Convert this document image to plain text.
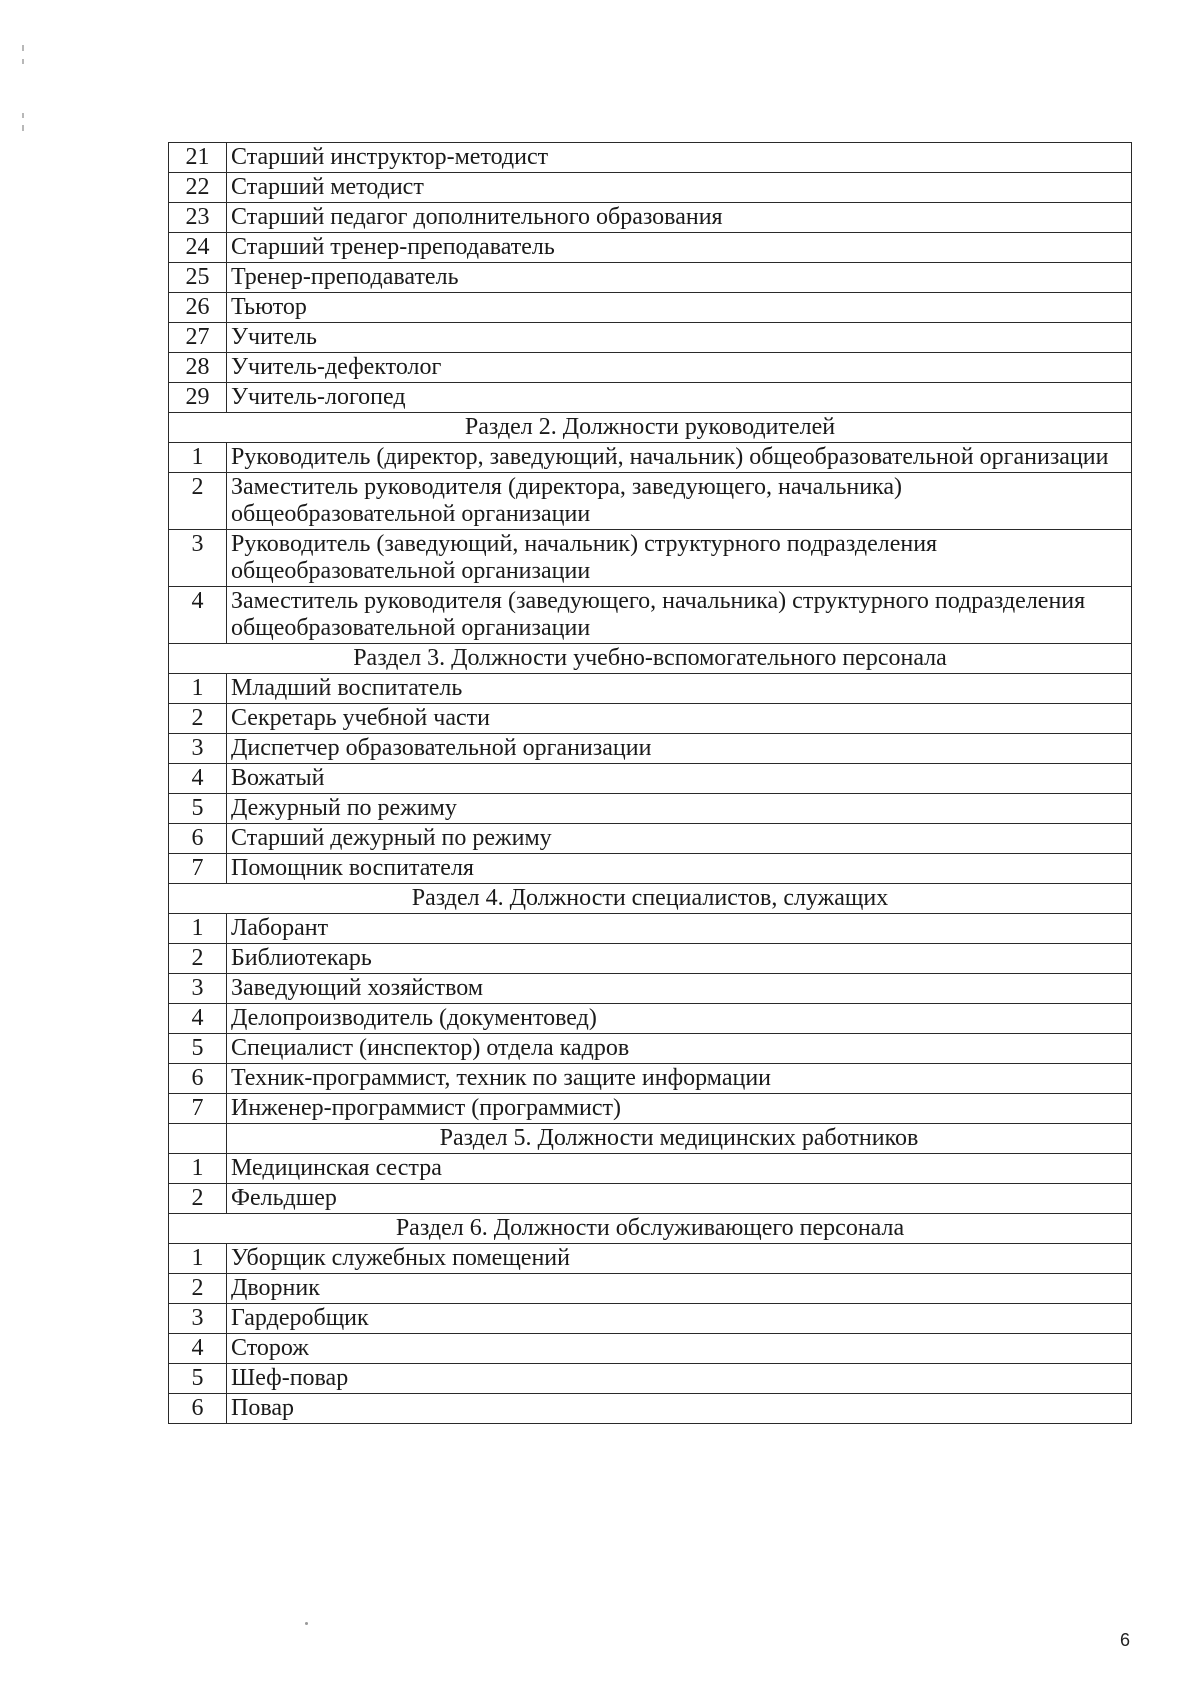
21	Старший инструктор-методист
22	Старший методист
23	Старший педагог дополнительного образования
24	Старший тренер-преподаватель
25	Тренер-преподаватель
26	Тьютор
27	Учитель
28	Учитель-дефектолог
29	Учитель-логопед
Раздел 2. Должности руководителей	
1	Руководитель (директор, заведующий, начальник) общеобразовательной организации
2	Заместитель руководителя (директора, заведующего, начальника) общеобразовательной организации
3	Руководитель (заведующий, начальник) структурного подразделения общеобразовательной организации
4	Заместитель руководителя (заведующего, начальника) структурного подразделения общеобразовательной организации
Раздел 3. Должности учебно-вспомогательного персонала	
1	Младший воспитатель
2	Секретарь учебной части
3	Диспетчер образовательной организации
4	Вожатый
5	Дежурный по режиму
6	Старший дежурный по режиму
7	Помощник воспитателя
Раздел 4. Должности специалистов, служащих	
1	Лаборант
2	Библиотекарь
3	Заведующий хозяйством
4	Делопроизводитель (документовед)
5	Специалист (инспектор) отдела кадров
6	Техник-программист, техник по защите информации
7	Инженер-программист (программист)
	Раздел 5. Должности медицинских работников
1	Медицинская сестра
2	Фельдшер
Раздел 6. Должности обслуживающего персонала	
1	Уборщик служебных помещений
2	Дворник
3	Гардеробщик
4	Сторож
5	Шеф-повар
6	Повар
6
